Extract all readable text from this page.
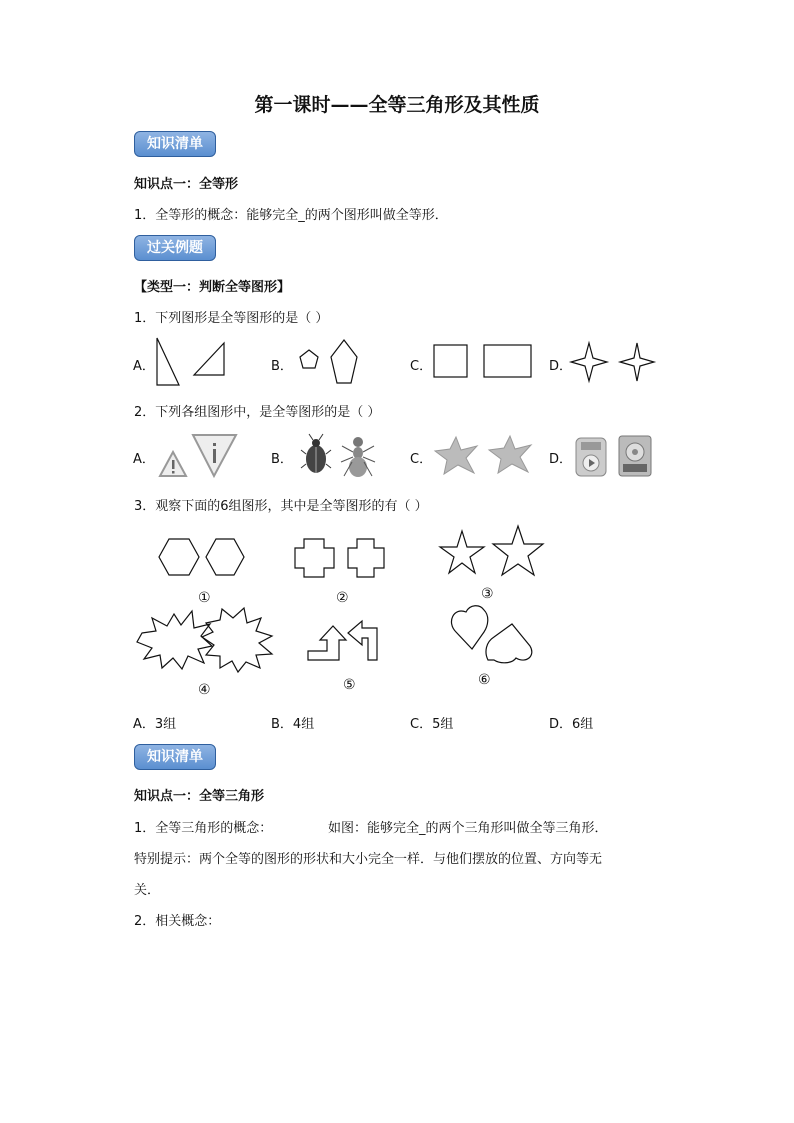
第一课时——全等三角形及其性质
知识清单
知识点一：全等形
1．全等形的概念：能够完全_的两个图形叫做全等形．
过关例题
【类型一：判断全等图形】
1．下列图形是全等图形的是（ ）
A．	B．	C．	D．
2．下列各组图形中，是全等图形的是（ ）
A．	B．	C．	D．
3．观察下面的6组图形，其中是全等图形的有（ ）
①	②	③
④	⑤	⑥
A．3组	B．4组	C．5组	D．6组
知识清单
知识点一：全等三角形
1．全等三角形的概念：	如图：能够完全_的两个三角形叫做全等三角形．
特别提示：两个全等的图形的形状和大小完全一样．与他们摆放的位置、方向等无
关．
2．相关概念：
